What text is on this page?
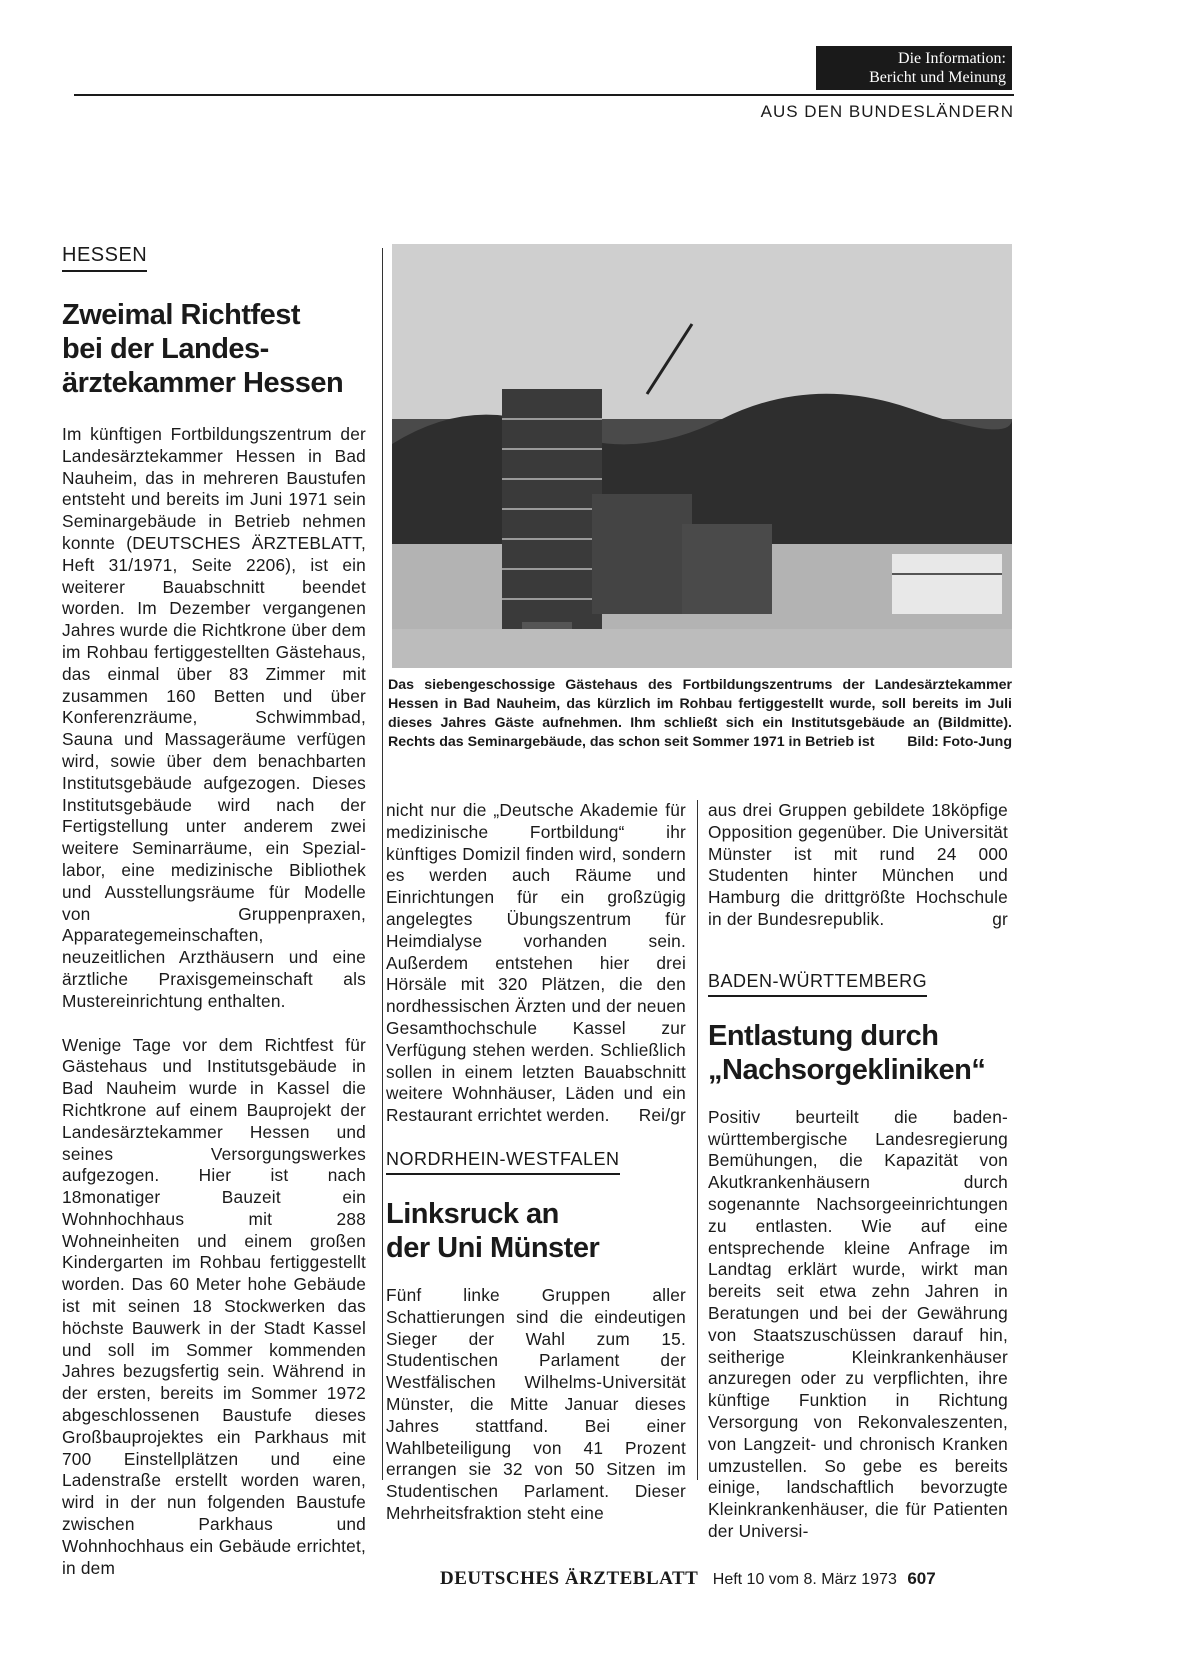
Die Information:
Bericht und Meinung
AUS DEN BUNDESLÄNDERN
HESSEN
Zweimal Richtfest
bei der Landes-
ärztekammer Hessen

Im künftigen Fortbildungszentrum der Landesärztekammer Hessen in Bad Nauheim, das in mehreren Baustufen entsteht und bereits im Juni 1971 sein Seminargebäude in Betrieb nehmen konnte (DEUTSCHES ÄRZTEBLATT, Heft 31/1971, Seite 2206), ist ein weiterer Bauabschnitt beendet worden. Im Dezember vergangenen Jahres wurde die Richtkrone über dem im Rohbau fertiggestellten Gästehaus, das einmal über 83 Zimmer mit zusammen 160 Betten und über Konferenzräume, Schwimmbad, Sauna und Massageräume verfügen wird, sowie über dem benachbarten Institutsgebäude aufgezogen. Dieses Institutsgebäude wird nach der Fertigstellung unter anderem zwei weitere Seminarräume, ein Speziallabor, eine medizinische Bibliothek und Ausstellungsräume für Modelle von Gruppenpraxen, Apparategemeinschaften, neuzeitlichen Arzthäusern und eine ärztliche Praxisgemeinschaft als Mustereinrichtung enthalten.

Wenige Tage vor dem Richtfest für Gästehaus und Institutsgebäude in Bad Nauheim wurde in Kassel die Richtkrone auf einem Bauprojekt der Landesärztekammer Hessen und seines Versorgungswerkes aufgezogen. Hier ist nach 18monatiger Bauzeit ein Wohnhochhaus mit 288 Wohneinheiten und einem großen Kindergarten im Rohbau fertiggestellt worden. Das 60 Meter hohe Gebäude ist mit seinen 18 Stockwerken das höchste Bauwerk in der Stadt Kassel und soll im Sommer kommenden Jahres bezugsfertig sein. Während in der ersten, bereits im Sommer 1972 abgeschlossenen Baustufe dieses Großbauprojektes ein Parkhaus mit 700 Einstellplätzen und eine Ladenstraße erstellt worden waren, wird in der nun folgenden Baustufe zwischen Parkhaus und Wohnhochhaus ein Gebäude errichtet, in dem

Das siebengeschossige Gästehaus des Fortbildungszentrums der Landesärztekammer Hessen in Bad Nauheim, das kürzlich im Rohbau fertiggestellt wurde, soll bereits im Juli dieses Jahres Gäste aufnehmen. Ihm schließt sich ein Institutsgebäude an (Bildmitte). Rechts das Seminargebäude, das schon seit Sommer 1971 in Betrieb ist	Bild: Foto-Jung

nicht nur die „Deutsche Akademie für medizinische Fortbildung“ ihr künftiges Domizil finden wird, sondern es werden auch Räume und Einrichtungen für ein großzügig angelegtes Übungszentrum für Heimdialyse vorhanden sein. Außerdem entstehen hier drei Hörsäle mit 320 Plätzen, die den nordhessischen Ärzten und der neuen Gesamthochschule Kassel zur Verfügung stehen werden. Schließlich sollen in einem letzten Bauabschnitt weitere Wohnhäuser, Läden und ein Restaurant errichtet werden.	Rei/gr
NORDRHEIN-WESTFALEN
Linksruck an
der Uni Münster

Fünf linke Gruppen aller Schattierungen sind die eindeutigen Sieger der Wahl zum 15. Studentischen Parlament der Westfälischen Wilhelms-Universität Münster, die Mitte Januar dieses Jahres stattfand. Bei einer Wahlbeteiligung von 41 Prozent errangen sie 32 von 50 Sitzen im Studentischen Parlament. Dieser Mehrheitsfraktion steht eine

aus drei Gruppen gebildete 18köpfige Opposition gegenüber. Die Universität Münster ist mit rund 24 000 Studenten hinter München und Hamburg die drittgrößte Hochschule in der Bundesrepublik.	gr
BADEN-WÜRTTEMBERG
Entlastung durch
„Nachsorgekliniken“

Positiv beurteilt die baden-württembergische Landesregierung Bemühungen, die Kapazität von Akutkrankenhäusern durch sogenannte Nachsorgeeinrichtungen zu entlasten. Wie auf eine entsprechende kleine Anfrage im Landtag erklärt wurde, wirkt man bereits seit etwa zehn Jahren in Beratungen und bei der Gewährung von Staatszuschüssen darauf hin, seitherige Kleinkrankenhäuser anzuregen oder zu verpflichten, ihre künftige Funktion in Richtung Versorgung von Rekonvaleszenten, von Langzeit- und chronisch Kranken umzustellen. So gebe es bereits einige, landschaftlich bevorzugte Kleinkrankenhäuser, die für Patienten der Universi-

DEUTSCHES ÄRZTEBLATT Heft 10 vom 8. März 1973 607
